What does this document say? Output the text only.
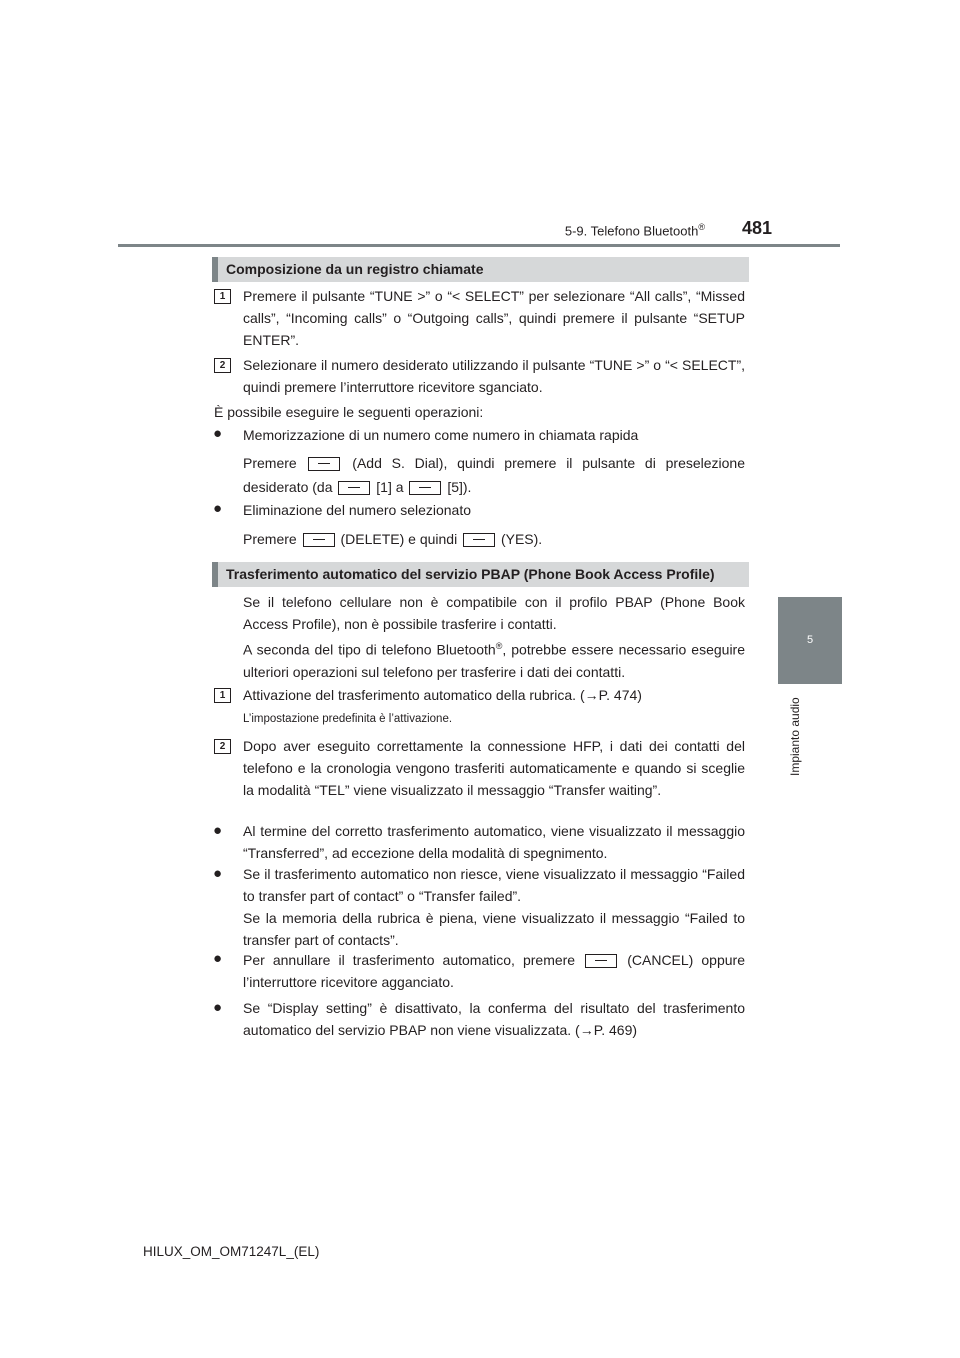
5-9. Telefono Bluetooth® 481
5
Impianto audio
Composizione da un registro chiamate
1	Premere il pulsante “TUNE >” o “< SELECT” per selezionare “All calls”, “Missed calls”, “Incoming calls” o “Outgoing calls”, quindi premere il pulsante “SETUP ENTER”.
2	Selezionare il numero desiderato utilizzando il pulsante “TUNE >” o “< SELECT”, quindi premere l’interruttore ricevitore sganciato.
È possibile eseguire le seguenti operazioni:
● Memorizzazione di un numero come numero in chiamata rapida
Premere	(Add S. Dial), quindi premere il pulsante di preselezione
desiderato (da	[1] a	[5]).
● Eliminazione del numero selezionato
Premere	(DELETE) e quindi	(YES).
Trasferimento automatico del servizio PBAP (Phone Book Access Profile)
Se il telefono cellulare non è compatibile con il profilo PBAP (Phone Book Access Profile), non è possibile trasferire i contatti.
A seconda del tipo di telefono Bluetooth®, potrebbe essere necessario eseguire ulteriori operazioni sul telefono per trasferire i dati dei contatti.
1	Attivazione del trasferimento automatico della rubrica. (→P. 474)
L’impostazione predefinita è l’attivazione.
2	Dopo aver eseguito correttamente la connessione HFP, i dati dei contatti del telefono e la cronologia vengono trasferiti automaticamente e quando si sceglie la modalità “TEL” viene visualizzato il messaggio “Transfer waiting”.
● Al termine del corretto trasferimento automatico, viene visualizzato il messaggio “Transferred”, ad eccezione della modalità di spegnimento.
● Se il trasferimento automatico non riesce, viene visualizzato il messaggio “Failed to transfer part of contact” o “Transfer failed”.
Se la memoria della rubrica è piena, viene visualizzato il messaggio “Failed to transfer part of contacts”.
● Per annullare il trasferimento automatico, premere	(CANCEL) oppure l’interruttore ricevitore agganciato.
● Se “Display setting” è disattivato, la conferma del risultato del trasferimento automatico del servizio PBAP non viene visualizzata. (→P. 469)
HILUX_OM_OM71247L_(EL)
